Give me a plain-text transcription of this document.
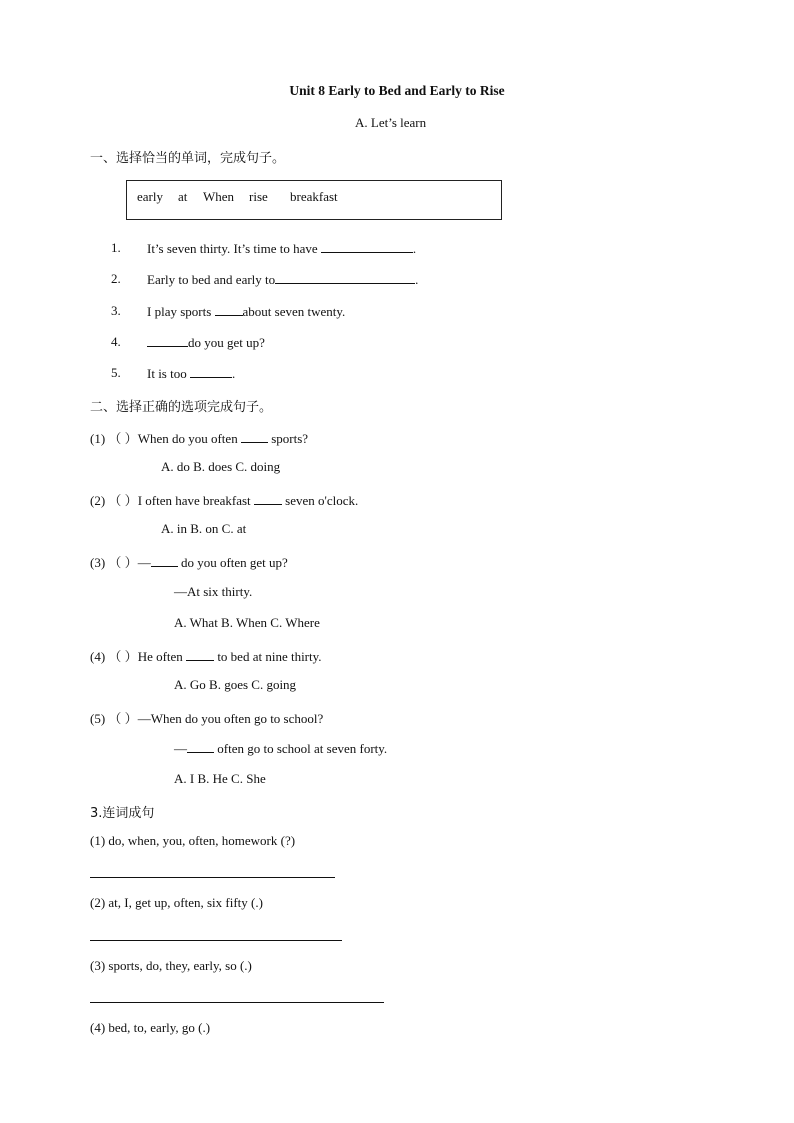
Unit 8 Early to Bed and Early to Rise
A. Let’s learn
一、选择恰当的单词，完成句子。
early at When rise breakfast
1. It’s seven thirty. It’s time to have	.
2. Early to bed and early to	.
3. I play sports about seven twenty.
4.	do you get up?
5. It is too	.
二、选择正确的选项完成句子。
(1) （ ）When do you often  sports?
A. do B. does C. doing
(2) （ ）I often have breakfast  seven o'clock.
A. in B. on C. at
(3) （ ）— do you often get up?
—At six thirty.
A. What B. When C. Where
(4) （ ）He often  to bed at nine thirty.
A. Go B. goes C. going
(5) （ ）—When do you often go to school?
— often go to school at seven forty.
A. I B. He C. She
3.连词成句
(1) do, when, you, often, homework (?)
(2) at, I, get up, often, six fifty (.)
(3) sports, do, they, early, so (.)
(4) bed, to, early, go (.)
